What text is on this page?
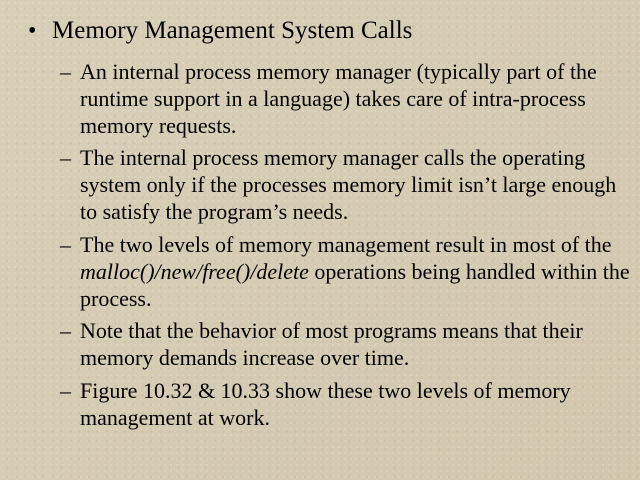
• Memory Management System Calls
– An internal process memory manager (typically part of the runtime support in a language) takes care of intra-process memory requests.
– The internal process memory manager calls the operating system only if the processes memory limit isn’t large enough to satisfy the program’s needs.
– The two levels of memory management result in most of the malloc()/new/free()/delete operations being handled within the process.
– Note that the behavior of most programs means that their memory demands increase over time.
– Figure 10.32 & 10.33 show these two levels of memory management at work.
